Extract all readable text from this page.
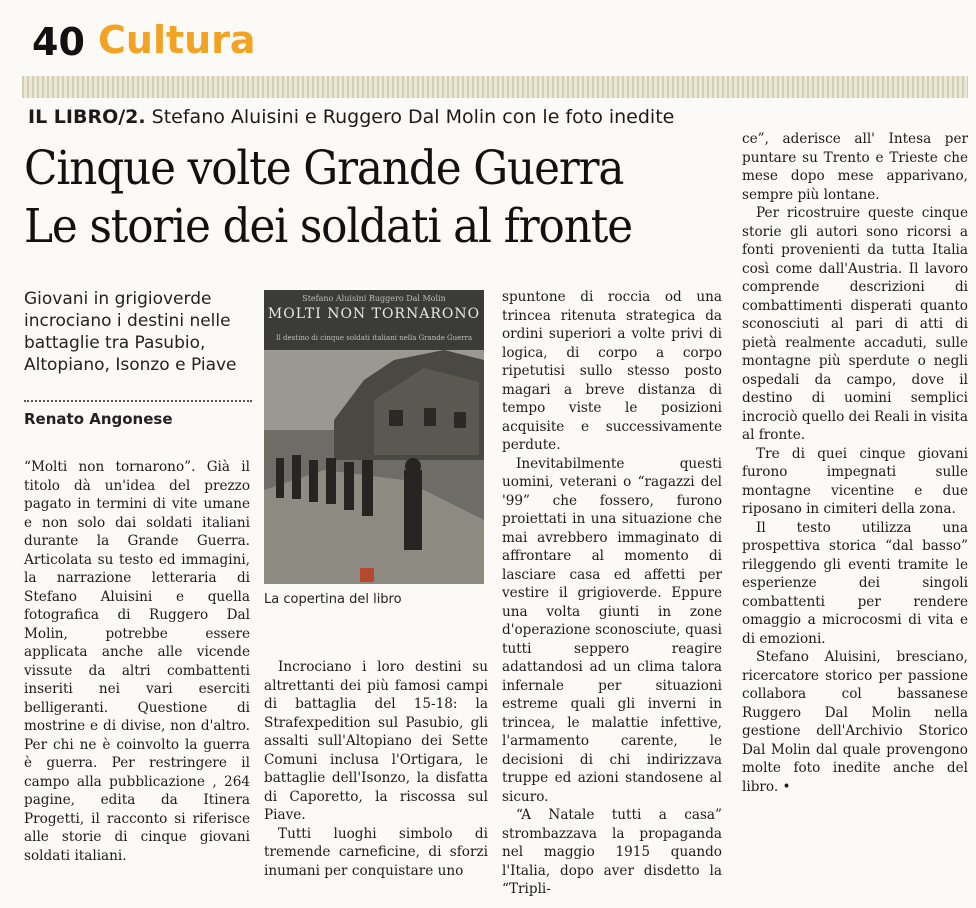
40 Cultura
IL LIBRO/2. Stefano Aluisini e Ruggero Dal Molin con le foto inedite
Cinque volte Grande Guerra
Le storie dei soldati al fronte
Giovani in grigioverde incrociano i destini nelle battaglie tra Pasubio, Altopiano, Isonzo e Piave
Renato Angonese

“Molti non tornarono”. Già il titolo dà un'idea del prezzo pagato in termini di vite umane e non solo dai soldati italiani durante la Grande Guerra. Articolata su testo ed immagini, la narrazione letteraria di Stefano Aluisini e quella fotografica di Ruggero Dal Molin, potrebbe essere applicata anche alle vicende vissute da altri combattenti inseriti nei vari eserciti belligeranti. Questione di mostrine e di divise, non d'altro. Per chi ne è coinvolto la guerra è guerra. Per restringere il campo alla pubblicazione , 264 pagine, edita da Itinera Progetti, il racconto si riferisce alle storie di cinque giovani soldati italiani.

Stefano Aluisini Ruggero Dal Molin
MOLTI NON TORNARONO
Il destino di cinque soldati italiani nella Grande Guerra
La copertina del libro

Incrociano i loro destini su altrettanti dei più famosi campi di battaglia del 15-18: la Strafexpedition sul Pasubio, gli assalti sull'Altopiano dei Sette Comuni inclusa l'Ortigara, le battaglie dell'Isonzo, la disfatta di Caporetto, la riscossa sul Piave.

Tutti luoghi simbolo di tremende carneficine, di sforzi inumani per conquistare uno

spuntone di roccia od una trincea ritenuta strategica da ordini superiori a volte privi di logica, di corpo a corpo ripetutisi sullo stesso posto magari a breve distanza di tempo viste le posizioni acquisite e successivamente perdute.

Inevitabilmente questi uomini, veterani o “ragazzi del '99” che fossero, furono proiettati in una situazione che mai avrebbero immaginato di affrontare al momento di lasciare casa ed affetti per vestire il grigioverde. Eppure una volta giunti in zone d'operazione sconosciute, quasi tutti seppero reagire adattandosi ad un clima talora infernale per situazioni estreme quali gli inverni in trincea, le malattie infettive, l'armamento carente, le decisioni di chi indirizzava truppe ed azioni standosene al sicuro.

“A Natale tutti a casa” strombazzava la propaganda nel maggio 1915 quando l'Italia, dopo aver disdetto la “Tripli-

ce”, aderisce all' Intesa per puntare su Trento e Trieste che mese dopo mese apparivano, sempre più lontane.

Per ricostruire queste cinque storie gli autori sono ricorsi a fonti provenienti da tutta Italia così come dall'Austria. Il lavoro comprende descrizioni di combattimenti disperati quanto sconosciuti al pari di atti di pietà realmente accaduti, sulle montagne più sperdute o negli ospedali da campo, dove il destino di uomini semplici incrociò quello dei Reali in visita al fronte.

Tre di quei cinque giovani furono impegnati sulle montagne vicentine e due riposano in cimiteri della zona.

Il testo utilizza una prospettiva storica “dal basso” rileggendo gli eventi tramite le esperienze dei singoli combattenti per rendere omaggio a microcosmi di vita e di emozioni.

Stefano Aluisini, bresciano, ricercatore storico per passione collabora col bassanese Ruggero Dal Molin nella gestione dell'Archivio Storico Dal Molin dal quale provengono molte foto inedite anche del libro. •
